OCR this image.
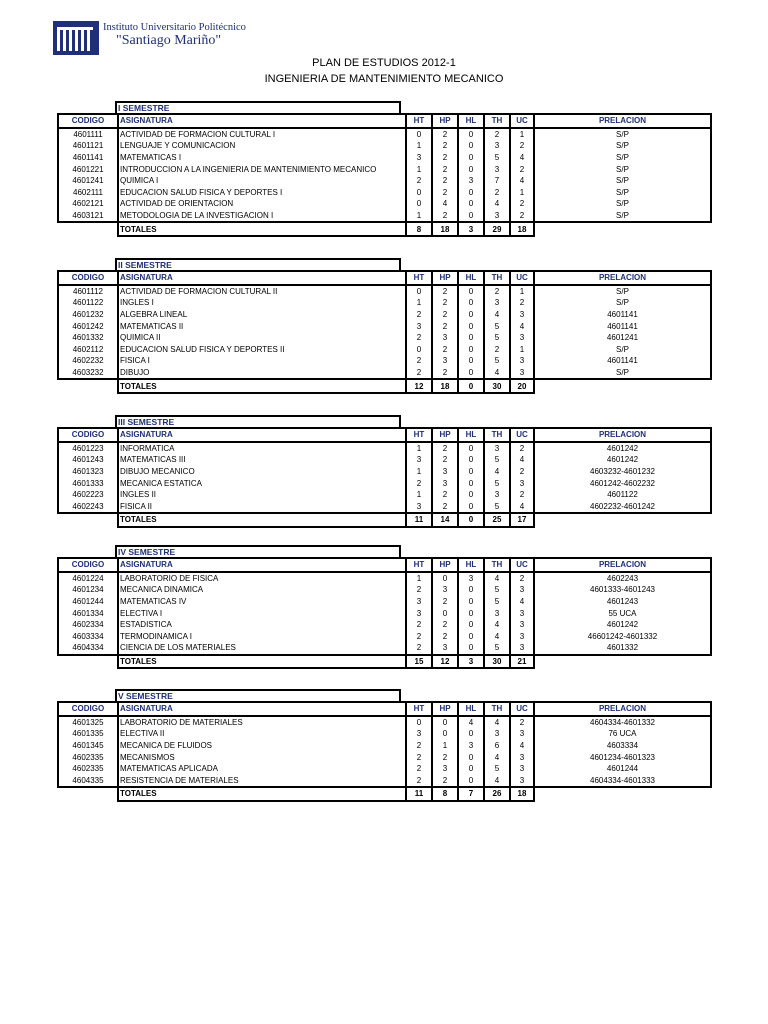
Instituto Universitario Politécnico
"Santiago Mariño"
PLAN DE ESTUDIOS 2012-1
INGENIERIA DE MANTENIMIENTO MECANICO
I SEMESTRE
CODIGO	ASIGNATURA	HT	HP	HL	TH	UC	PRELACION
4601111	ACTIVIDAD DE FORMACION CULTURAL I	0	2	0	2	1	S/P
4601121	LENGUAJE Y COMUNICACION	1	2	0	3	2	S/P
4601141	MATEMATICAS I	3	2	0	5	4	S/P
4601221	INTRODUCCION A LA INGENIERIA DE MANTENIMIENTO MECANICO	1	2	0	3	2	S/P
4601241	QUIMICA I	2	2	3	7	4	S/P
4602111	EDUCACION SALUD FISICA Y DEPORTES I	0	2	0	2	1	S/P
4602121	ACTIVIDAD DE ORIENTACION	0	4	0	4	2	S/P
4603121	METODOLOGIA DE LA INVESTIGACION I	1	2	0	3	2	S/P
	TOTALES	8	18	3	29	18	
II SEMESTRE
CODIGO	ASIGNATURA	HT	HP	HL	TH	UC	PRELACION
4601112	ACTIVIDAD DE FORMACION CULTURAL II	0	2	0	2	1	S/P
4601122	INGLES I	1	2	0	3	2	S/P
4601232	ALGEBRA LINEAL	2	2	0	4	3	4601141
4601242	MATEMATICAS II	3	2	0	5	4	4601141
4601332	QUIMICA II	2	3	0	5	3	4601241
4602112	EDUCACION SALUD FISICA Y DEPORTES II	0	2	0	2	1	S/P
4602232	FISICA I	2	3	0	5	3	4601141
4603232	DIBUJO	2	2	0	4	3	S/P
	TOTALES	12	18	0	30	20	
III SEMESTRE
CODIGO	ASIGNATURA	HT	HP	HL	TH	UC	PRELACION
4601223	INFORMATICA	1	2	0	3	2	4601242
4601243	MATEMATICAS III	3	2	0	5	4	4601242
4601323	DIBUJO MECANICO	1	3	0	4	2	4603232-4601232
4601333	MECANICA ESTATICA	2	3	0	5	3	4601242-4602232
4602223	INGLES II	1	2	0	3	2	4601122
4602243	FISICA II	3	2	0	5	4	4602232-4601242
	TOTALES	11	14	0	25	17	
IV SEMESTRE
CODIGO	ASIGNATURA	HT	HP	HL	TH	UC	PRELACION
4601224	LABORATORIO DE FISICA	1	0	3	4	2	4602243
4601234	MECANICA DINAMICA	2	3	0	5	3	4601333-4601243
4601244	MATEMATICAS IV	3	2	0	5	4	4601243
4601334	ELECTIVA I	3	0	0	3	3	55 UCA
4602334	ESTADISTICA	2	2	0	4	3	4601242
4603334	TERMODINAMICA I	2	2	0	4	3	46601242-4601332
4604334	CIENCIA DE LOS MATERIALES	2	3	0	5	3	4601332
	TOTALES	15	12	3	30	21	
V SEMESTRE
CODIGO	ASIGNATURA	HT	HP	HL	TH	UC	PRELACION
4601325	LABORATORIO DE MATERIALES	0	0	4	4	2	4604334-4601332
4601335	ELECTIVA II	3	0	0	3	3	76 UCA
4601345	MECANICA DE FLUIDOS	2	1	3	6	4	4603334
4602335	MECANISMOS	2	2	0	4	3	4601234-4601323
4602335	MATEMATICAS APLICADA	2	3	0	5	3	4601244
4604335	RESISTENCIA DE MATERIALES	2	2	0	4	3	4604334-4601333
	TOTALES	11	8	7	26	18	
